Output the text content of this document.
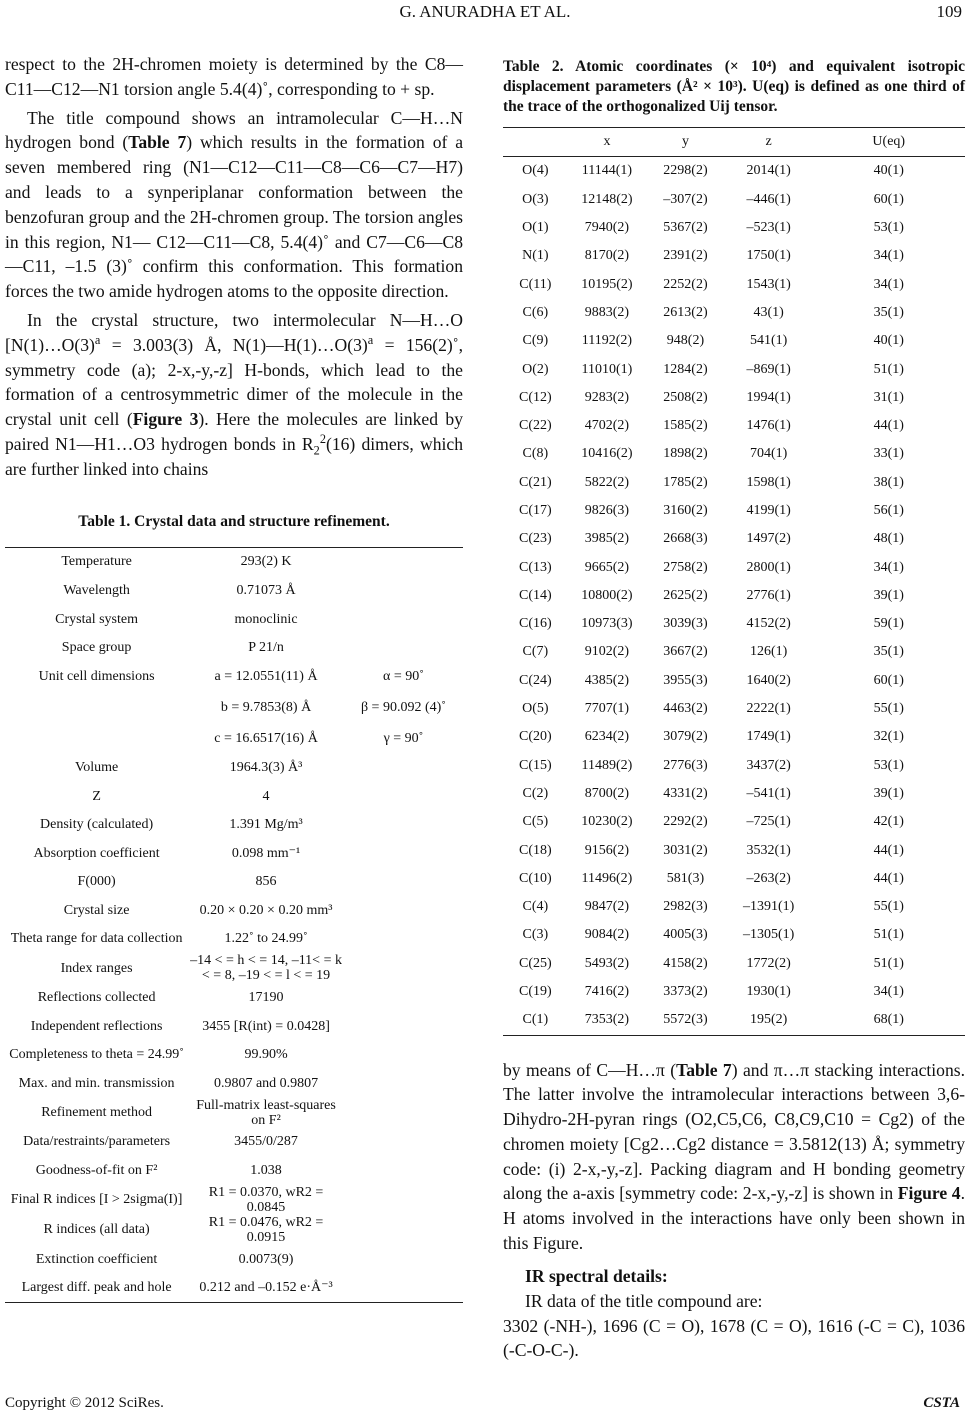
G. ANURADHA ET AL.	109

respect to the 2H-chromen moiety is determined by the C8—C11—C12—N1 torsion angle 5.4(4)˚, corresponding to + sp.

The title compound shows an intramolecular C—H…N hydrogen bond (Table 7) which results in the formation of a seven membered ring (N1—C12—C11—C8—C6—C7—H7) and leads to a synperiplanar conformation between the benzofuran group and the 2H-chromen group. The torsion angles in this region, N1— C12—C11—C8, 5.4(4)˚ and C7—C6—C8—C11, –1.5 (3)˚ confirm this conformation. This formation forces the two amide hydrogen atoms to the opposite direction.

In the crystal structure, two intermolecular N—H…O [$N(1)\dots O(3)^a = 3.003(3)$ Å, $N(1)—H(1)\dots O(3)^a$ = 156(2)˚, symmetry code (a); 2-x,-y,-z] H-bonds, which lead to the formation of a centrosymmetric dimer of the molecule in the crystal unit cell (Figure 3). Here the molecules are linked by paired N1—H1…O3 hydrogen bonds in $R_2^2(16)$ dimers, which are further linked into chains

Table 1. Crystal data and structure refinement.
Temperature	293(2) K	
Wavelength	0.71073 Å	
Crystal system	monoclinic	
Space group	P 21/n	
Unit cell dimensions	a = 12.0551(11) Å	α = 90˚
	b = 9.7853(8) Å	β = 90.092 (4)˚
	c = 16.6517(16) Å	γ = 90˚
Volume	1964.3(3) Å³	
Z	4	
Density (calculated)	1.391 Mg/m³	
Absorption coefficient	0.098 mm⁻¹	
F(000)	856	
Crystal size	0.20 × 0.20 × 0.20 mm³	
Theta range for data collection	1.22˚ to 24.99˚	
Index ranges	–14 < = h < = 14, –11< = k < = 8, –19 < = l < = 19	
Reflections collected	17190	
Independent reflections	3455 [R(int) = 0.0428]	
Completeness to theta = 24.99˚	99.90%	
Max. and min. transmission	0.9807 and 0.9807	
Refinement method	Full-matrix least-squares on F²	
Data/restraints/parameters	3455/0/287	
Goodness-of-fit on F²	1.038	
Final R indices [I > 2sigma(I)]	R1 = 0.0370, wR2 = 0.0845	
R indices (all data)	R1 = 0.0476, wR2 = 0.0915	
Extinction coefficient	0.0073(9)	
Largest diff. peak and hole	0.212 and –0.152 e·Å⁻³	
Table 2. Atomic coordinates (× 10⁴) and equivalent isotropic displacement parameters (Å² × 10³). U(eq) is defined as one third of the trace of the orthogonalized Uij tensor.
	x	y	z	U(eq)
O(4)	11144(1)	2298(2)	2014(1)	40(1)
O(3)	12148(2)	–307(2)	–446(1)	60(1)
O(1)	7940(2)	5367(2)	–523(1)	53(1)
N(1)	8170(2)	2391(2)	1750(1)	34(1)
C(11)	10195(2)	2252(2)	1543(1)	34(1)
C(6)	9883(2)	2613(2)	43(1)	35(1)
C(9)	11192(2)	948(2)	541(1)	40(1)
O(2)	11010(1)	1284(2)	–869(1)	51(1)
C(12)	9283(2)	2508(2)	1994(1)	31(1)
C(22)	4702(2)	1585(2)	1476(1)	44(1)
C(8)	10416(2)	1898(2)	704(1)	33(1)
C(21)	5822(2)	1785(2)	1598(1)	38(1)
C(17)	9826(3)	3160(2)	4199(1)	56(1)
C(23)	3985(2)	2668(3)	1497(2)	48(1)
C(13)	9665(2)	2758(2)	2800(1)	34(1)
C(14)	10800(2)	2625(2)	2776(1)	39(1)
C(16)	10973(3)	3039(3)	4152(2)	59(1)
C(7)	9102(2)	3667(2)	126(1)	35(1)
C(24)	4385(2)	3955(3)	1640(2)	60(1)
O(5)	7707(1)	4463(2)	2222(1)	55(1)
C(20)	6234(2)	3079(2)	1749(1)	32(1)
C(15)	11489(2)	2776(3)	3437(2)	53(1)
C(2)	8700(2)	4331(2)	–541(1)	39(1)
C(5)	10230(2)	2292(2)	–725(1)	42(1)
C(18)	9156(2)	3031(2)	3532(1)	44(1)
C(10)	11496(2)	581(3)	–263(2)	44(1)
C(4)	9847(2)	2982(3)	–1391(1)	55(1)
C(3)	9084(2)	4005(3)	–1305(1)	51(1)
C(25)	5493(2)	4158(2)	1772(2)	51(1)
C(19)	7416(2)	3373(2)	1930(1)	34(1)
C(1)	7353(2)	5572(3)	195(2)	68(1)

by means of C—H…π (Table 7) and π…π stacking interactions. The latter involve the intramolecular interactions between 3,6-Dihydro-2H-pyran rings (O2,C5,C6, C8,C9,C10 = Cg2) of the chromen moiety [Cg2…Cg2 distance = 3.5812(13) Å; symmetry code: (i) 2-x,-y,-z]. Packing diagram and H bonding geometry along the a-axis [symmetry code: 2-x,-y,-z] is shown in Figure 4. H atoms involved in the interactions have only been shown in this Figure.

IR spectral details:

IR data of the title compound are:

3302 (-NH-), 1696 (C = O), 1678 (C = O), 1616 (-C = C), 1036 (-C-O-C-).

Copyright © 2012 SciRes.	CSTA
